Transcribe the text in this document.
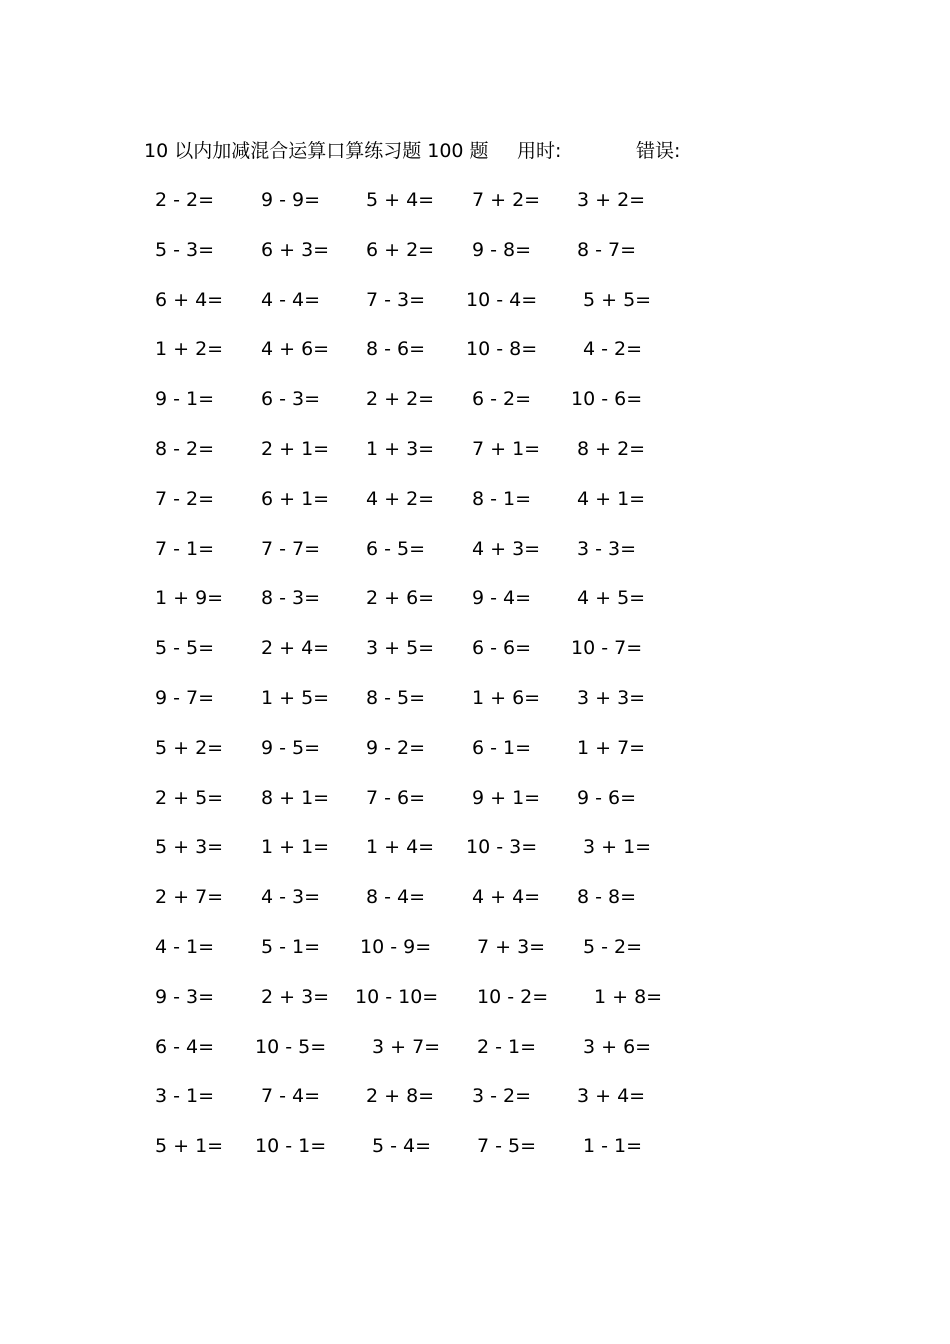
10 以内加减混合运算口算练习题 100 题 用时:	错误:
2 - 2= 9 - 9= 5 + 4= 7 + 2= 3 + 2=
5 - 3= 6 + 3= 6 + 2= 9 - 8= 8 - 7=
6 + 4= 4 - 4= 7 - 3= 10 - 4= 5 + 5=
1 + 2= 4 + 6= 8 - 6= 10 - 8= 4 - 2=
9 - 1= 6 - 3= 2 + 2= 6 - 2= 10 - 6=
8 - 2= 2 + 1= 1 + 3= 7 + 1= 8 + 2=
7 - 2= 6 + 1= 4 + 2= 8 - 1= 4 + 1=
7 - 1= 7 - 7= 6 - 5= 4 + 3= 3 - 3=
1 + 9= 8 - 3= 2 + 6= 9 - 4= 4 + 5=
5 - 5= 2 + 4= 3 + 5= 6 - 6= 10 - 7=
9 - 7= 1 + 5= 8 - 5= 1 + 6= 3 + 3=
5 + 2= 9 - 5= 9 - 2= 6 - 1= 1 + 7=
2 + 5= 8 + 1= 7 - 6= 9 + 1= 9 - 6=
5 + 3= 1 + 1= 1 + 4= 10 - 3= 3 + 1=
2 + 7= 4 - 3= 8 - 4= 4 + 4= 8 - 8=
4 - 1= 5 - 1= 10 - 9= 7 + 3= 5 - 2=
9 - 3= 2 + 3= 10 - 10= 10 - 2= 1 + 8=
6 - 4= 10 - 5= 3 + 7= 2 - 1= 3 + 6=
3 - 1= 7 - 4= 2 + 8= 3 - 2= 3 + 4=
5 + 1= 10 - 1= 5 - 4= 7 - 5= 1 - 1=
